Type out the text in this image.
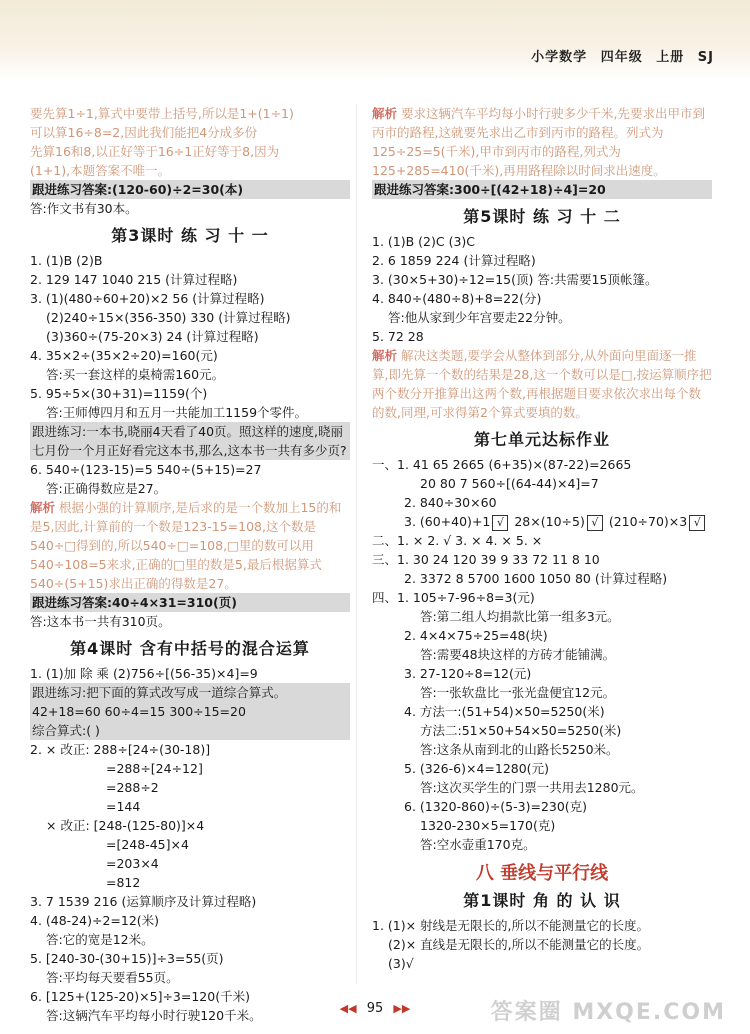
小学数学 四年级 上册 SJ
要先算1÷1,算式中要带上括号,所以是1+(1÷1)
可以算16÷8=2,因此我们能把4分成多份
先算16和8,以正好等于16÷1正好等于8,因为
(1+1),本题答案不唯一。
跟进练习答案:(120-60)÷2=30(本)
答:作文书有30本。
第3课时 练 习 十 一
1. (1)B (2)B
2. 129 147 1040 215 (计算过程略)
3. (1)(480÷60+20)×2 56 (计算过程略)
(2)240÷15×(356-350) 330 (计算过程略)
(3)360÷(75-20×3) 24 (计算过程略)
4. 35×2÷(35×2÷20)=160(元)
答:买一套这样的桌椅需160元。
5. 95÷5×(30+31)=1159(个)
答:王师傅四月和五月一共能加工1159个零件。
跟进练习:一本书,晓丽4天看了40页。照这样的速度,晓丽
七月份一个月正好看完这本书,那么,这本书一共有多少页?
6. 540÷(123-15)=5 540÷(5+15)=27
答:正确得数应是27。
解析 根据小强的计算顺序,是后求的是一个数加上15的和是5,因此,计算前的一个数是123-15=108,这个数是540÷□得到的,所以540÷□=108,□里的数可以用540÷108=5来求,正确的□里的数是5,最后根据算式540÷(5+15)求出正确的得数是27。
跟进练习答案:40÷4×31=310(页)
答:这本书一共有310页。
第4课时 含有中括号的混合运算
1. (1)加 除 乘 (2)756÷[(56-35)×4]=9
跟进练习:把下面的算式改写成一道综合算式。
42+18=60 60÷4=15 300÷15=20
综合算式:( )
2. × 改正: 288÷[24÷(30-18)]
=288÷[24÷12]
=288÷2
=144
× 改正: [248-(125-80)]×4
=[248-45]×4
=203×4
=812
3. 7 1539 216 (运算顺序及计算过程略)
4. (48-24)÷2=12(米)
答:它的宽是12米。
5. [240-30-(30+15)]÷3=55(页)
答:平均每天要看55页。
6. [125+(125-20)×5]÷3=120(千米)
答:这辆汽车平均每小时行驶120千米。
解析 要求这辆汽车平均每小时行驶多少千米,先要求出甲市到丙市的路程,这就要先求出乙市到丙市的路程。列式为125÷25=5(千米),甲市到丙市的路程,列式为125+285=410(千米),再用路程除以时间求出速度。
跟进练习答案:300÷[(42+18)÷4]=20
第5课时 练 习 十 二
1. (1)B (2)C (3)C
2. 6 1859 224 (计算过程略)
3. (30×5+30)÷12=15(顶) 答:共需要15顶帐篷。
4. 840÷(480÷8)+8=22(分)
答:他从家到少年宫要走22分钟。
5. 72 28
解析 解决这类题,要学会从整体到部分,从外面向里面逐一推算,即先算一个数的结果是28,这一个数可以是□,按运算顺序把两个数分开推算出这两个数,再根据题目要求依次求出每个数的数,同理,可求得第2个算式要填的数。
第七单元达标作业
一、1. 41 65 2665 (6+35)×(87-22)=2665
20 80 7 560÷[(64-44)×4]=7
2. 840÷30×60
3. (60+40)+1 √ 28×(10÷5) √ (210÷70)×3 √
二、1. × 2. √ 3. × 4. × 5. ×
三、1. 30 24 120 39 9 33 72 11 8 10
2. 3372 8 5700 1600 1050 80 (计算过程略)
四、1. 105÷7-96÷8=3(元)
答:第二组人均捐款比第一组多3元。
2. 4×4×75÷25=48(块)
答:需要48块这样的方砖才能铺满。
3. 27-120÷8=12(元)
答:一张软盘比一张光盘便宜12元。
4. 方法一:(51+54)×50=5250(米)
方法二:51×50+54×50=5250(米)
答:这条从南到北的山路长5250米。
5. (326-6)×4=1280(元)
答:这次买学生的门票一共用去1280元。
6. (1320-860)÷(5-3)=230(克)
1320-230×5=170(克)
答:空水壶重170克。
八 垂线与平行线
第1课时 角 的 认 识
1. (1)× 射线是无限长的,所以不能测量它的长度。
(2)× 直线是无限长的,所以不能测量它的长度。
(3)√
◀◀ 95 ▶▶	答案圈 MXQE.COM
